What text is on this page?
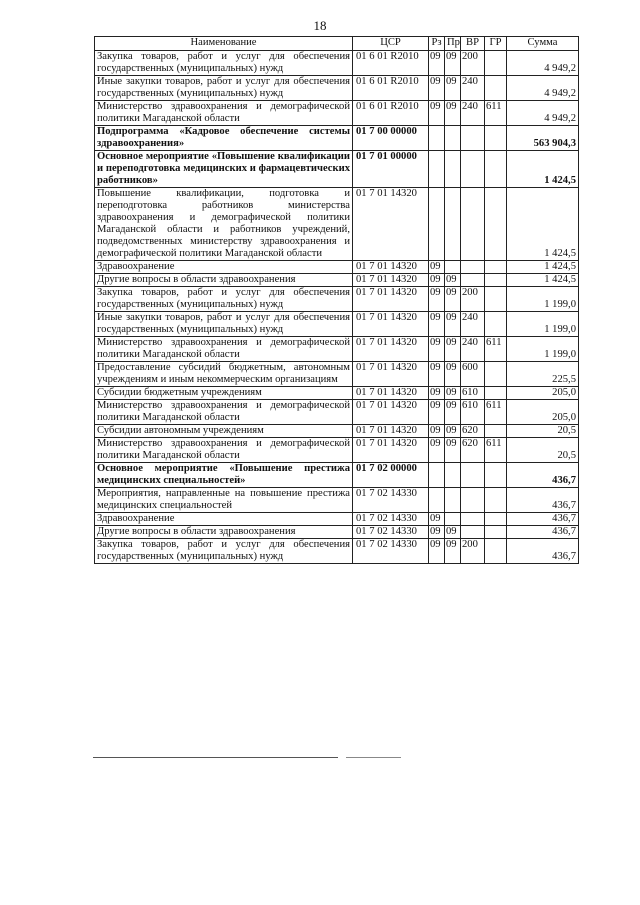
18
Наименование	ЦСР	Рз	Пр	ВР	ГР	Сумма
Закупка товаров, работ и услуг для обеспечения государственных (муниципальных) нужд	01 6 01 R2010	09	09	200		4 949,2
Иные закупки товаров, работ и услуг для обеспечения государственных (муниципальных) нужд	01 6 01 R2010	09	09	240		4 949,2
Министерство здравоохранения и демографической политики Магаданской области	01 6 01 R2010	09	09	240	611	4 949,2
Подпрограмма «Кадровое обеспечение системы здравоохранения»	01 7 00 00000					563 904,3
Основное мероприятие «Повышение квалификации и переподготовка медицинских и фармацевтических работников»	01 7 01 00000					1 424,5
Повышение квалификации, подготовка и переподготовка работников министерства здравоохранения и демографической политики Магаданской области и работников учреждений, подведомственных министерству здравоохранения и демографической политики Магаданской области	01 7 01 14320					1 424,5
Здравоохранение	01 7 01 14320	09				1 424,5
Другие вопросы в области здравоохранения	01 7 01 14320	09	09			1 424,5
Закупка товаров, работ и услуг для обеспечения государственных (муниципальных) нужд	01 7 01 14320	09	09	200		1 199,0
Иные закупки товаров, работ и услуг для обеспечения государственных (муниципальных) нужд	01 7 01 14320	09	09	240		1 199,0
Министерство здравоохранения и демографической политики Магаданской области	01 7 01 14320	09	09	240	611	1 199,0
Предоставление субсидий бюджетным, автономным учреждениям и иным некоммерческим организациям	01 7 01 14320	09	09	600		225,5
Субсидии бюджетным учреждениям	01 7 01 14320	09	09	610		205,0
Министерство здравоохранения и демографической политики Магаданской области	01 7 01 14320	09	09	610	611	205,0
Субсидии автономным учреждениям	01 7 01 14320	09	09	620		20,5
Министерство здравоохранения и демографической политики Магаданской области	01 7 01 14320	09	09	620	611	20,5
Основное мероприятие «Повышение престижа медицинских специальностей»	01 7 02 00000					436,7
Мероприятия, направленные на повышение престижа медицинских специальностей	01 7 02 14330					436,7
Здравоохранение	01 7 02 14330	09				436,7
Другие вопросы в области здравоохранения	01 7 02 14330	09	09			436,7
Закупка товаров, работ и услуг для обеспечения государственных (муниципальных) нужд	01 7 02 14330	09	09	200		436,7
